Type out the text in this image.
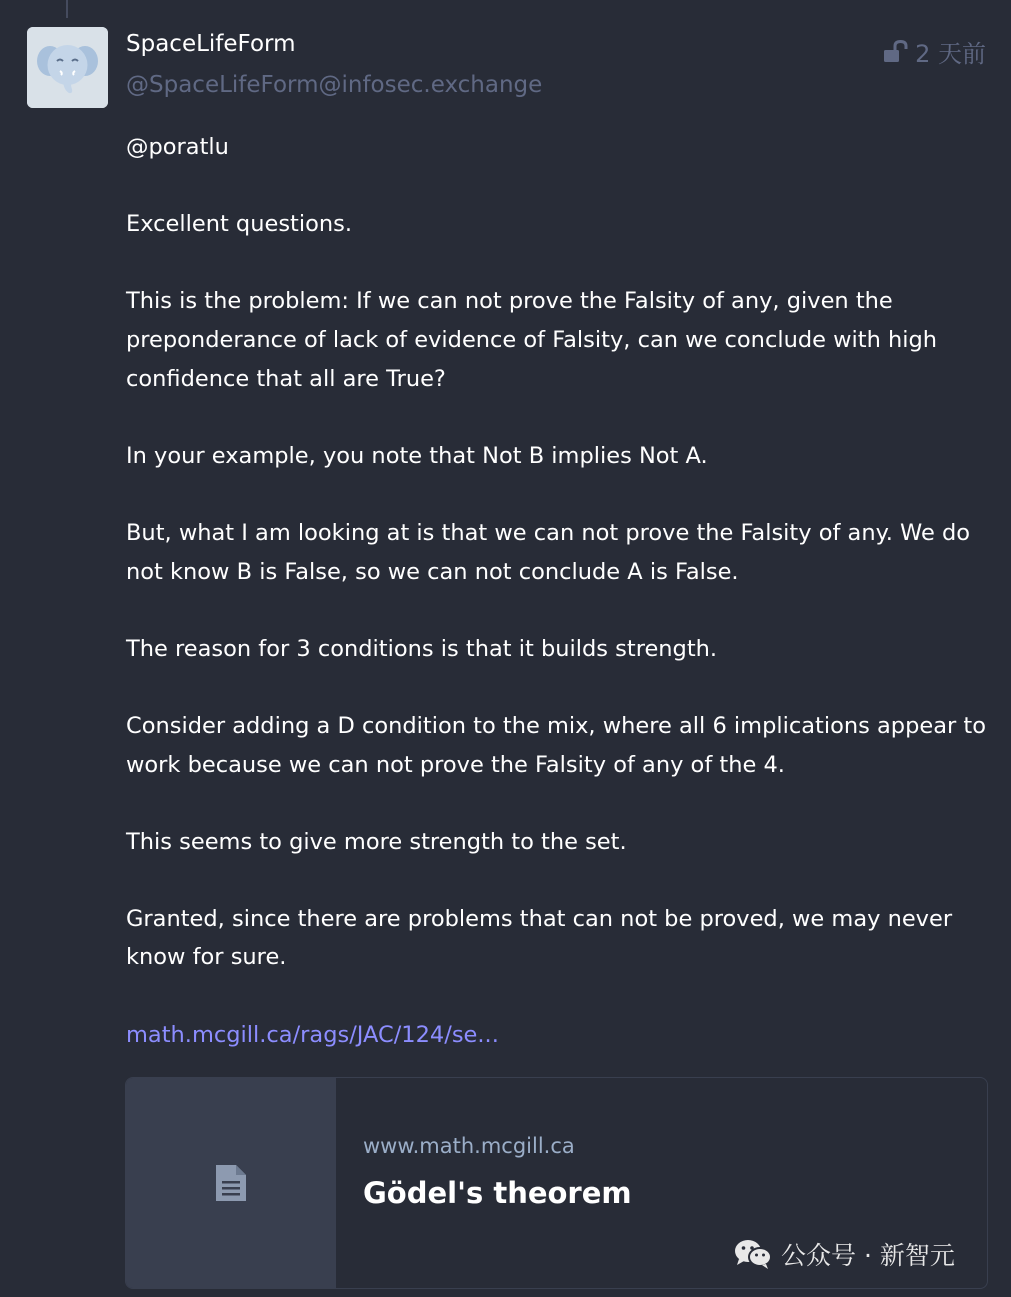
SpaceLifeForm
@SpaceLifeForm@infosec.exchange
2 天前

@poratlu

Excellent questions.

This is the problem: If we can not prove the Falsity of any, given the preponderance of lack of evidence of Falsity, can we conclude with high confidence that all are True?

In your example, you note that Not B implies Not A.

But, what I am looking at is that we can not prove the Falsity of any. We do not know B is False, so we can not conclude A is False.

The reason for 3 conditions is that it builds strength.

Consider adding a D condition to the mix, where all 6 implications appear to work because we can not prove the Falsity of any of the 4.

This seems to give more strength to the set.

Granted, since there are problems that can not be proved, we may never know for sure.

math.mcgill.ca/rags/JAC/124/se...

www.math.mcgill.ca
Gödel's theorem
公众号 · 新智元
